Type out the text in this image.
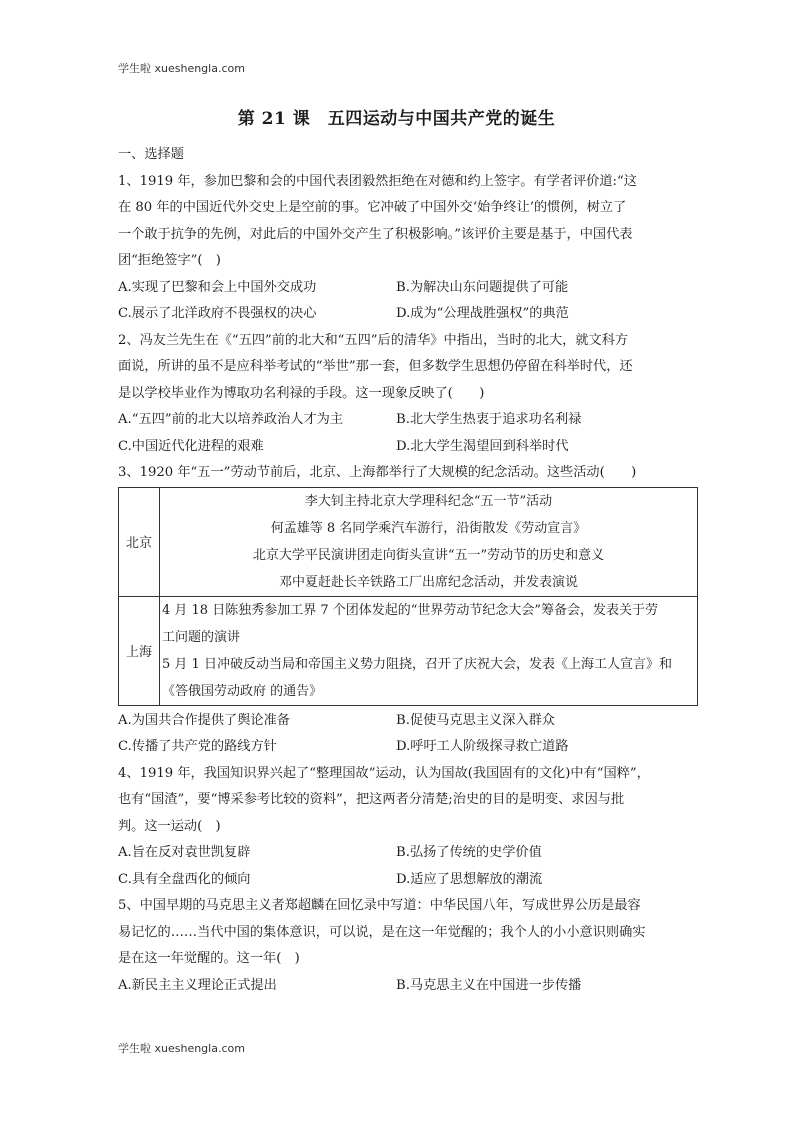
学生啦 xueshengla.com
第 21 课　五四运动与中国共产党的诞生
一、选择题
1、1919 年，参加巴黎和会的中国代表团毅然拒绝在对德和约上签字。有学者评价道:“这
在 80 年的中国近代外交史上是空前的事。它冲破了中国外交‘始争终让’的惯例，树立了
一个敢于抗争的先例，对此后的中国外交产生了积极影响。”该评价主要是基于，中国代表
团“拒绝签字”(　)
A.实现了巴黎和会上中国外交成功	B.为解决山东问题提供了可能
C.展示了北洋政府不畏强权的决心	D.成为“公理战胜强权”的典范
2、冯友兰先生在《“五四”前的北大和“五四”后的清华》中指出，当时的北大，就文科方
面说，所讲的虽不是应科举考试的“举世”那一套，但多数学生思想仍停留在科举时代，还
是以学校毕业作为博取功名利禄的手段。这一现象反映了(　　)
A.“五四”前的北大以培养政治人才为主	B.北大学生热衷于追求功名利禄
C.中国近代化进程的艰难	D.北大学生渴望回到科举时代
3、1920 年“五一”劳动节前后，北京、上海都举行了大规模的纪念活动。这些活动(　　)
北京	李大钊主持北京大学理科纪念“五一节”活动
何孟雄等 8 名同学乘汽车游行，沿街散发《劳动宣言》
北京大学平民演讲团走向街头宣讲“五一”劳动节的历史和意义
邓中夏赶赴长辛铁路工厂出席纪念活动，并发表演说

上海	4 月 18 日陈独秀参加工界 7 个团体发起的“世界劳动节纪念大会”筹备会，发表关于劳
工问题的演讲
5 月 1 日冲破反动当局和帝国主义势力阻挠，召开了庆祝大会，发表《上海工人宣言》和
《答俄国劳动政府 的通告》
A.为国共合作提供了舆论准备	B.促使马克思主义深入群众
C.传播了共产党的路线方针	D.呼吁工人阶级探寻救亡道路
4、1919 年，我国知识界兴起了“整理国故”运动，认为国故(我国固有的文化)中有“国粹”，
也有“国渣”，要“博采参考比较的资料”，把这两者分清楚;治史的目的是明变、求因与批
判。这一运动(　)
A.旨在反对袁世凯复辟	B.弘扬了传统的史学价值
C.具有全盘西化的倾向	D.适应了思想解放的潮流
5、中国早期的马克思主义者郑超麟在回忆录中写道：中华民国八年，写成世界公历是最容
易记忆的……当代中国的集体意识，可以说，是在这一年觉醒的；我个人的小小意识则确实
是在这一年觉醒的。这一年(　)
A.新民主主义理论正式提出	B.马克思主义在中国进一步传播
学生啦 xueshengla.com
